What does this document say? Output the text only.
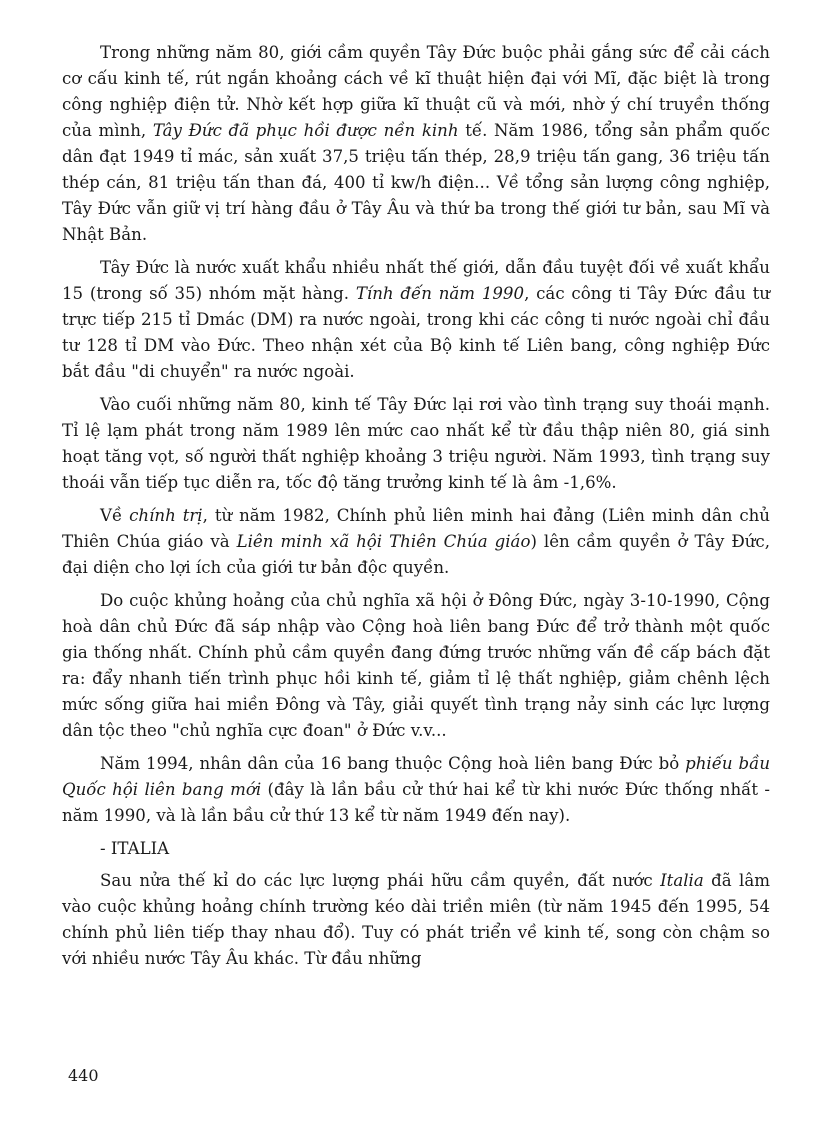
Trong những năm 80, giới cầm quyền Tây Đức buộc phải gắng sức để cải cách cơ cấu kinh tế, rút ngắn khoảng cách về kĩ thuật hiện đại với Mĩ, đặc biệt là trong công nghiệp điện tử. Nhờ kết hợp giữa kĩ thuật cũ và mới, nhờ ý chí truyền thống của mình, Tây Đức đã phục hồi được nền kinh tế. Năm 1986, tổng sản phẩm quốc dân đạt 1949 tỉ mác, sản xuất 37,5 triệu tấn thép, 28,9 triệu tấn gang, 36 triệu tấn thép cán, 81 triệu tấn than đá, 400 tỉ kw/h điện... Về tổng sản lượng công nghiệp, Tây Đức vẫn giữ vị trí hàng đầu ở Tây Âu và thứ ba trong thế giới tư bản, sau Mĩ và Nhật Bản.

Tây Đức là nước xuất khẩu nhiều nhất thế giới, dẫn đầu tuyệt đối về xuất khẩu 15 (trong số 35) nhóm mặt hàng. Tính đến năm 1990, các công ti Tây Đức đầu tư trực tiếp 215 tỉ Dmác (DM) ra nước ngoài, trong khi các công ti nước ngoài chỉ đầu tư 128 tỉ DM vào Đức. Theo nhận xét của Bộ kinh tế Liên bang, công nghiệp Đức bắt đầu "di chuyển" ra nước ngoài.

Vào cuối những năm 80, kinh tế Tây Đức lại rơi vào tình trạng suy thoái mạnh. Tỉ lệ lạm phát trong năm 1989 lên mức cao nhất kể từ đầu thập niên 80, giá sinh hoạt tăng vọt, số người thất nghiệp khoảng 3 triệu người. Năm 1993, tình trạng suy thoái vẫn tiếp tục diễn ra, tốc độ tăng trưởng kinh tế là âm -1,6%.

Về chính trị, từ năm 1982, Chính phủ liên minh hai đảng (Liên minh dân chủ Thiên Chúa giáo và Liên minh xã hội Thiên Chúa giáo) lên cầm quyền ở Tây Đức, đại diện cho lợi ích của giới tư bản độc quyền.

Do cuộc khủng hoảng của chủ nghĩa xã hội ở Đông Đức, ngày 3-10-1990, Cộng hoà dân chủ Đức đã sáp nhập vào Cộng hoà liên bang Đức để trở thành một quốc gia thống nhất. Chính phủ cầm quyền đang đứng trước những vấn đề cấp bách đặt ra: đẩy nhanh tiến trình phục hồi kinh tế, giảm tỉ lệ thất nghiệp, giảm chênh lệch mức sống giữa hai miền Đông và Tây, giải quyết tình trạng nảy sinh các lực lượng dân tộc theo "chủ nghĩa cực đoan" ở Đức v.v...

Năm 1994, nhân dân của 16 bang thuộc Cộng hoà liên bang Đức bỏ phiếu bầu Quốc hội liên bang mới (đây là lần bầu cử thứ hai kể từ khi nước Đức thống nhất - năm 1990, và là lần bầu cử thứ 13 kể từ năm 1949 đến nay).

- ITALIA

Sau nửa thế kỉ do các lực lượng phái hữu cầm quyền, đất nước Italia đã lâm vào cuộc khủng hoảng chính trường kéo dài triền miên (từ năm 1945 đến 1995, 54 chính phủ liên tiếp thay nhau đổ). Tuy có phát triển về kinh tế, song còn chậm so với nhiều nước Tây Âu khác. Từ đầu những

440
